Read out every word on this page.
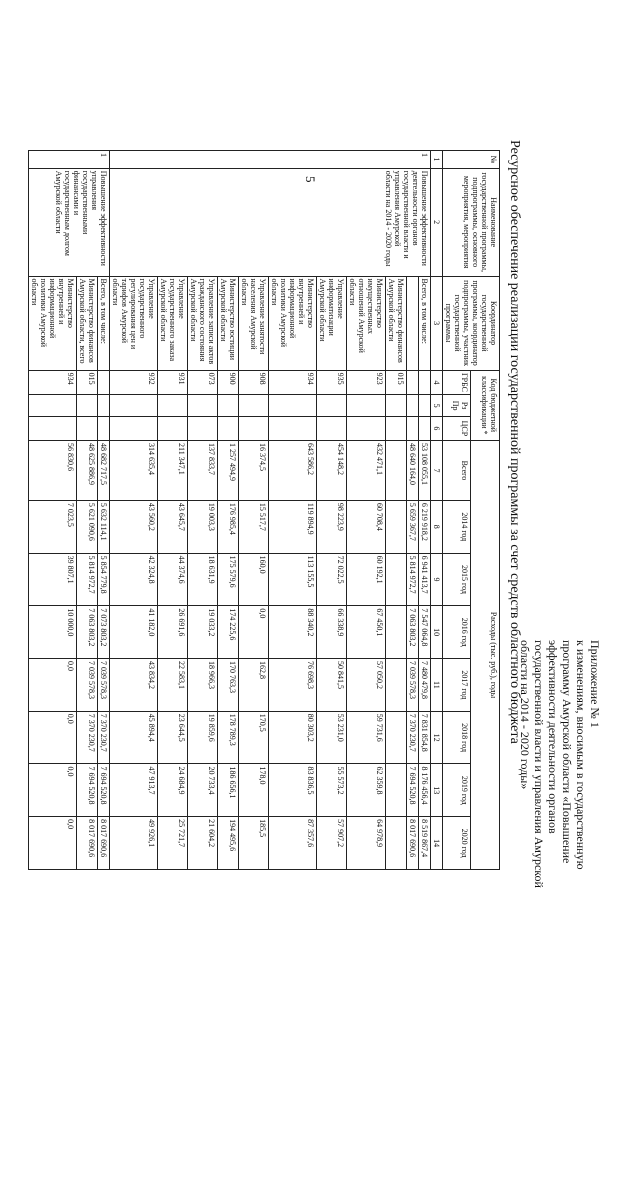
5
Приложение № 1
к изменениям, вносимым в государственную
программу Амурской области «Повышение
эффективности деятельности органов
государственной власти и управления Амурской
области на 2014 - 2020 годы»
Ресурсное обеспечение реализации государственной программы за счет средств областного бюджета
№	Наименование государственной программы, подпрограммы, основного мероприятия, мероприятия	Координатор государственной программы, координатор подпрограммы, участник государственной программы	Код бюджетной классификации *			Расходы (тыс. руб.), годы							
			ГРБС	Рз Пр	ЦСР	Всего	2014 год	2015 год	2016 год	2017 год	2018 год	2019 год	2020 год
1	2	3	4	5	6	7	8	9	10	11	12	13	14
1	Повышение эффективности деятельности органов государственной власти и управления Амурской области на 2014 - 2020 годы	Всего, в том числе:				53 108 055,1	6 219 918,2	6 941 413,7	7 547 064,8	7 480 479,8	7 831 854,8	8 176 456,4	8 519 867,4
						48 640 164,0	5 659 367,7	5 814 972,7	7 063 803,2	7 039 578,3	7 370 230,7	7 694 520,8	8 017 690,6
		Министерство финансов Амурской области	015										
		Министерство имущественных отношений Амурской области	923			432 471,1	60 708,4	60 192,1	67 450,1	57 050,2	59 731,6	62 359,8	64 978,9
		Управление информатизации Амурской области	935			454 148,2	98 223,9	72 022,5	66 338,9	50 841,5	53 231,0	55 573,2	57 907,2
		Министерство внутренней и информационной политики Амурской области	934			643 586,2	119 894,9	113 155,5	88 340,2	76 698,3	80 303,2	83 836,5	87 357,6
		Управление занятости населения Амурской области	908			16 374,5	15 517,7	160,0	0,0	162,8	170,5	178,0	185,5
		Министерство юстиции Амурской области	900			1 257 494,9	176 985,4	175 579,6	174 225,6	170 763,3	178 789,3	186 656,1	194 495,6
		Управление записи актов гражданского состояния Амурской области	073			137 833,7	19 003,3	18 631,9	19 033,2	18 966,3	19 859,6	20 733,4	21 604,2
		Управление государственного заказа Амурской области	931			211 347,1	43 645,7	44 374,6	26 691,6	22 583,1	23 644,5	24 684,9	25 721,7
		Управление государственного регулирования цен и тарифов Амурской области	932			314 635,4	43 560,2	42 324,8	41 182,0	43 834,2	45 894,4	47 913,7	49 926,1
1	Повышение эффективности управления государственными финансами и государственным долгом Амурской области	Всего, в том числе:				48 682 717,5	5 632 114,1	5 854 779,8	7 073 803,2	7 039 578,3	7 370 230,7	7 694 520,8	8 017 690,6
		Министерство финансов Амурской области, всего	015			48 625 886,9	5 621 090,6	5 814 972,7	7 063 803,2	7 039 578,3	7 370 230,7	7 694 520,8	8 017 690,6
		Министерство внутренней и информационной политики Амурской области	934			56 830,6	7 023,5	39 807,1	10 000,0	0,0	0,0	0,0	0,0
